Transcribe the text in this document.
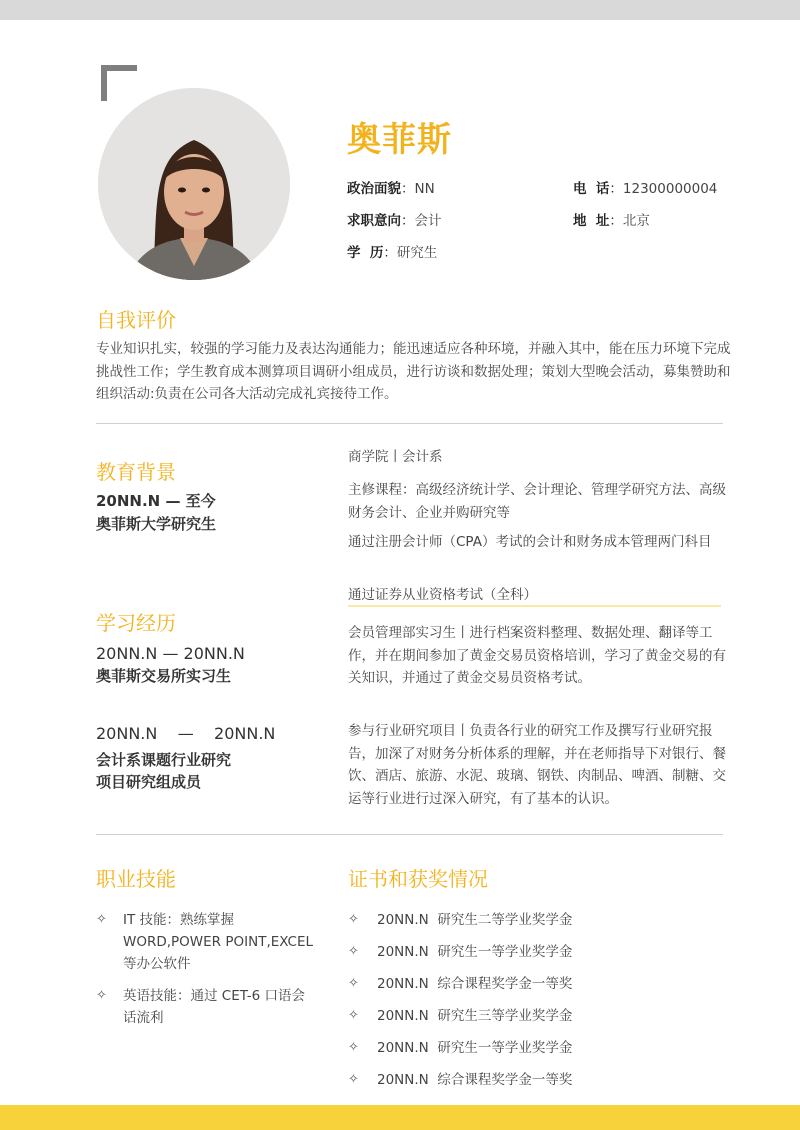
奥菲斯
政治面貌：NN	电  话：12300000004
求职意向：会计	地  址：北京
学  历：研究生
自我评价
专业知识扎实，较强的学习能力及表达沟通能力；能迅速适应各种环境，并融入其中，能在压力环境下完成挑战性工作；学生教育成本测算项目调研小组成员，进行访谈和数据处理；策划大型晚会活动，募集赞助和组织活动:负责在公司各大活动完成礼宾接待工作。
教育背景
20NN.N — 至今
奥菲斯大学研究生
商学院丨会计系
主修课程：高级经济统计学、会计理论、管理学研究方法、高级财务会计、企业并购研究等
通过注册会计师（CPA）考试的会计和财务成本管理两门科目
通过证券从业资格考试（全科）
学习经历
20NN.N — 20NN.N
奥菲斯交易所实习生
会员管理部实习生丨进行档案资料整理、数据处理、翻译等工作，并在期间参加了黄金交易员资格培训，学习了黄金交易的有关知识，并通过了黄金交易员资格考试。
20NN.N    —    20NN.N
会计系课题行业研究
项目研究组成员
参与行业研究项目丨负责各行业的研究工作及撰写行业研究报告，加深了对财务分析体系的理解，并在老师指导下对银行、餐饮、酒店、旅游、水泥、玻璃、钢铁、肉制品、啤酒、制糖、交运等行业进行过深入研究，有了基本的认识。
职业技能
✧	IT 技能：熟练掌握 WORD,POWER POINT,EXCEL 等办公软件
✧	英语技能：通过 CET-6 口语会话流利
证书和获奖情况
✧	20NN.N  研究生二等学业奖学金
✧	20NN.N  研究生一等学业奖学金
✧	20NN.N  综合课程奖学金一等奖
✧	20NN.N  研究生三等学业奖学金
✧	20NN.N  研究生一等学业奖学金
✧	20NN.N  综合课程奖学金一等奖
